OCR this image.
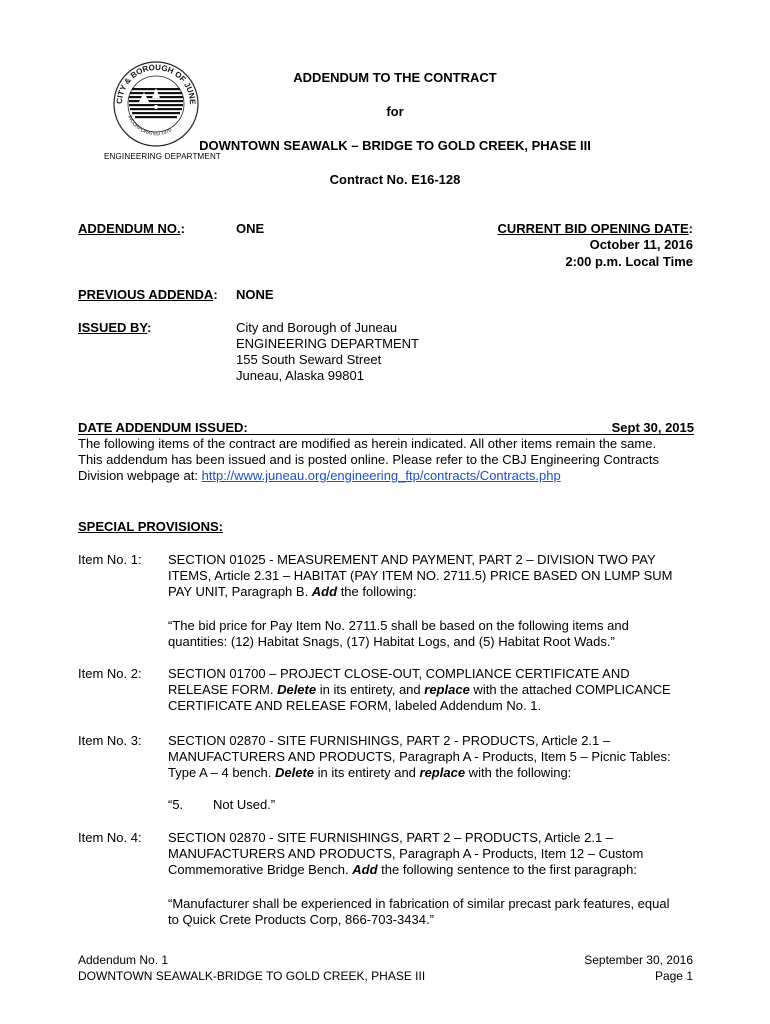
CITY & BOROUGH OF JUNE
INCORPORATED 1970
ENGINEERING DEPARTMENT
ADDENDUM TO THE CONTRACT
for
DOWNTOWN SEAWALK – BRIDGE TO GOLD CREEK, PHASE III
Contract No. E16-128
ADDENDUM NO.:	ONE	CURRENT BID OPENING DATE:
October 11, 2016
2:00 p.m. Local Time
PREVIOUS ADDENDA: NONE
ISSUED BY:	City and Borough of Juneau
ENGINEERING DEPARTMENT
155 South Seward Street
Juneau, Alaska 99801
DATE ADDENDUM ISSUED:	Sept 30, 2015
The following items of the contract are modified as herein indicated. All other items remain the same.
This addendum has been issued and is posted online. Please refer to the CBJ Engineering Contracts
Division webpage at: http://www.juneau.org/engineering_ftp/contracts/Contracts.php
SPECIAL PROVISIONS:
Item No. 1: SECTION 01025 - MEASUREMENT AND PAYMENT, PART 2 – DIVISION TWO PAY
ITEMS, Article 2.31 – HABITAT (PAY ITEM NO. 2711.5) PRICE BASED ON LUMP SUM
PAY UNIT, Paragraph B. Add the following:
“The bid price for Pay Item No. 2711.5 shall be based on the following items and
quantities: (12) Habitat Snags, (17) Habitat Logs, and (5) Habitat Root Wads.”
Item No. 2: SECTION 01700 – PROJECT CLOSE-OUT, COMPLIANCE CERTIFICATE AND
RELEASE FORM. Delete in its entirety, and replace with the attached COMPLICANCE
CERTIFICATE AND RELEASE FORM, labeled Addendum No. 1.
Item No. 3: SECTION 02870 - SITE FURNISHINGS, PART 2 - PRODUCTS, Article 2.1 –
MANUFACTURERS AND PRODUCTS, Paragraph A - Products, Item 5 – Picnic Tables:
Type A – 4 bench. Delete in its entirety and replace with the following:
“5. Not Used.”
Item No. 4: SECTION 02870 - SITE FURNISHINGS, PART 2 – PRODUCTS, Article 2.1 –
MANUFACTURERS AND PRODUCTS, Paragraph A - Products, Item 12 – Custom
Commemorative Bridge Bench. Add the following sentence to the first paragraph:
“Manufacturer shall be experienced in fabrication of similar precast park features, equal
to Quick Crete Products Corp, 866-703-3434.”
Addendum No. 1
DOWNTOWN SEAWALK-BRIDGE TO GOLD CREEK, PHASE III
September 30, 2016
Page 1
